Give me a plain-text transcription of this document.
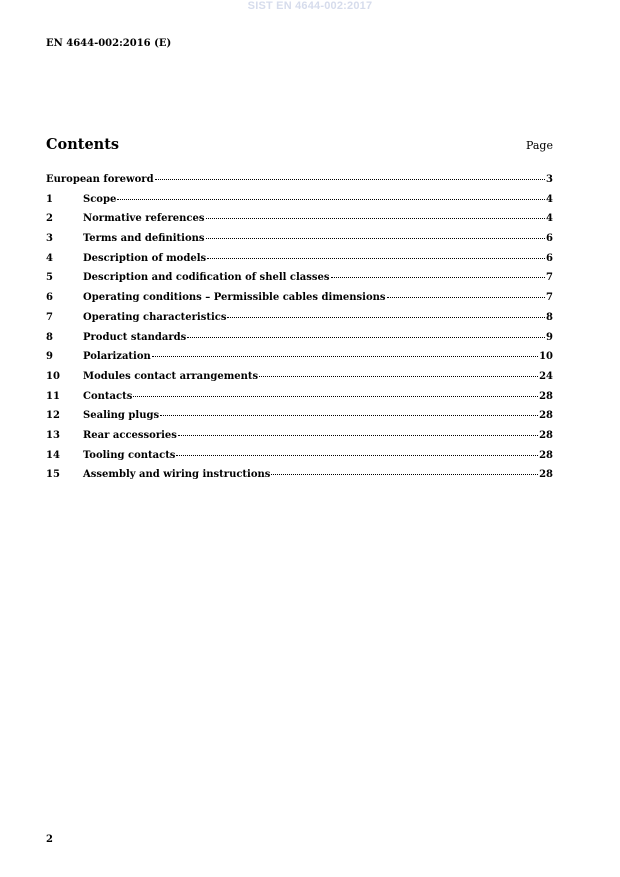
SIST EN 4644-002:2017
EN 4644-002:2016 (E)
Contents	Page
European foreword	3
1	Scope	4
2	Normative references	4
3	Terms and definitions	6
4	Description of models	6
5	Description and codification of shell classes	7
6	Operating conditions – Permissible cables dimensions	7
7	Operating characteristics	8
8	Product standards	9
9	Polarization	10
10	Modules contact arrangements	24
11	Contacts	28
12	Sealing plugs	28
13	Rear accessories	28
14	Tooling contacts	28
15	Assembly and wiring instructions	28
2
